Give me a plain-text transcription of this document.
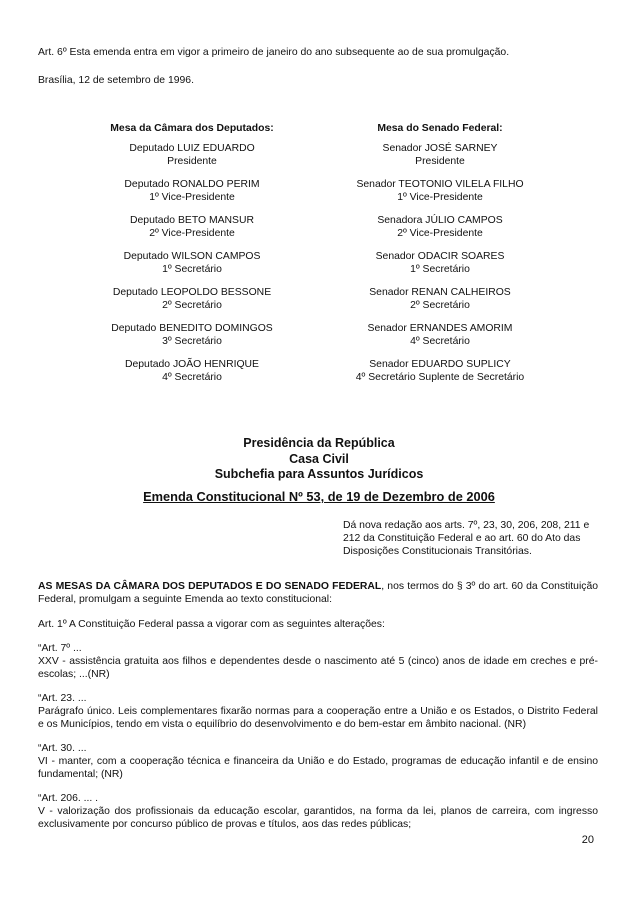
Art. 6º Esta emenda entra em vigor a primeiro de janeiro do ano subsequente ao de sua promulgação.
Brasília, 12 de setembro de 1996.
Mesa da Câmara dos Deputados:
Deputado LUIZ EDUARDO
Presidente
Deputado RONALDO PERIM
1º Vice-Presidente
Deputado BETO MANSUR
2º Vice-Presidente
Deputado WILSON CAMPOS
1º Secretário
Deputado LEOPOLDO BESSONE
2º Secretário
Deputado BENEDITO DOMINGOS
3º Secretário
Deputado JOÃO HENRIQUE
4º Secretário
Mesa do Senado Federal:
Senador JOSÉ SARNEY
Presidente
Senador TEOTONIO VILELA FILHO
1º Vice-Presidente
Senadora JÚLIO CAMPOS
2º Vice-Presidente
Senador ODACIR SOARES
1º Secretário
Senador RENAN CALHEIROS
2º Secretário
Senador ERNANDES AMORIM
4º Secretário
Senador EDUARDO SUPLICY
4º Secretário Suplente de Secretário
Presidência da República
Casa Civil
Subchefia para Assuntos Jurídicos
Emenda Constitucional Nº 53, de 19 de Dezembro de 2006
Dá nova redação aos arts. 7º, 23, 30, 206, 208, 211 e
212 da Constituição Federal e ao art. 60 do Ato das
Disposições Constitucionais Transitórias.
AS MESAS DA CÂMARA DOS DEPUTADOS E DO SENADO FEDERAL, nos termos do § 3º do art. 60 da Constituição Federal, promulgam a seguinte Emenda ao texto constitucional:
Art. 1º A Constituição Federal passa a vigorar com as seguintes alterações:
“Art. 7º ...
XXV - assistência gratuita aos filhos e dependentes desde o nascimento até 5 (cinco) anos de idade em creches e pré-escolas; ...(NR)
“Art. 23. ...
Parágrafo único. Leis complementares fixarão normas para a cooperação entre a União e os Estados, o Distrito Federal e os Municípios, tendo em vista o equilíbrio do desenvolvimento e do bem-estar em âmbito nacional. (NR)
“Art. 30. ...
VI - manter, com a cooperação técnica e financeira da União e do Estado, programas de educação infantil e de ensino fundamental; (NR)
“Art. 206. ... .
V - valorização dos profissionais da educação escolar, garantidos, na forma da lei, planos de carreira, com ingresso exclusivamente por concurso público de provas e títulos, aos das redes públicas;
20
